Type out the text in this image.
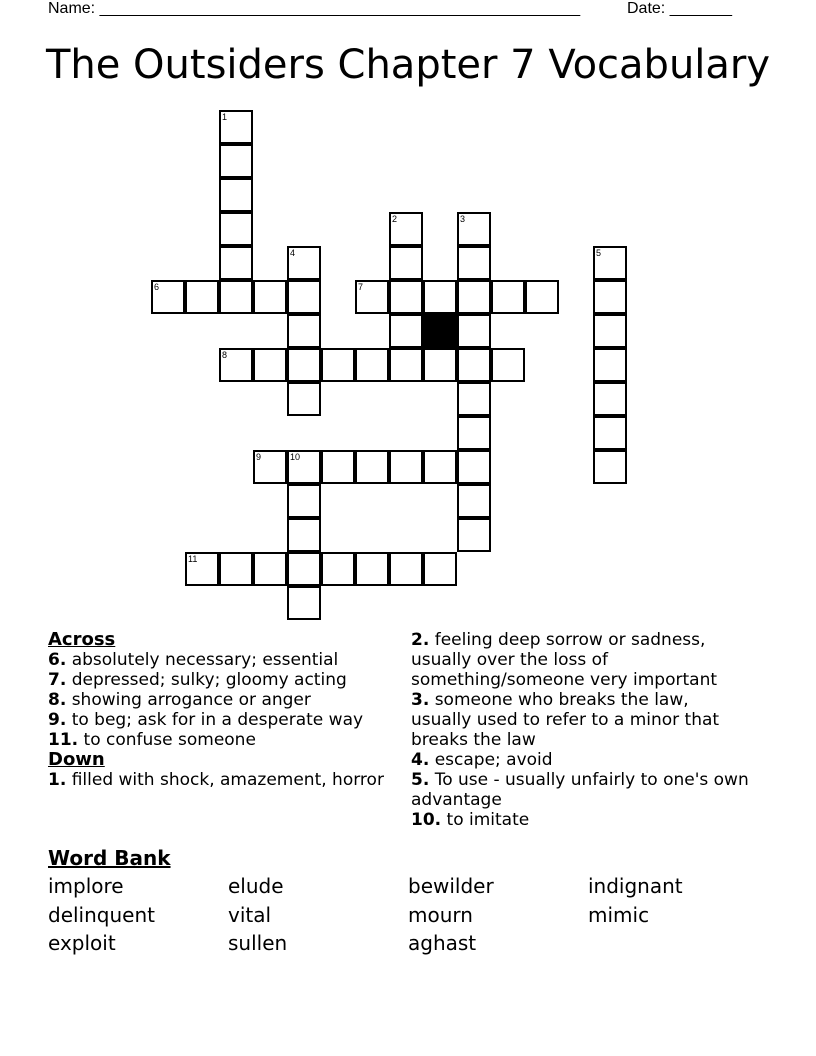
Name: ______________________________________________________	Date: _______
The Outsiders Chapter 7 Vocabulary
1
2	3
4	5
6	7
8
9	10
11
Across
6. absolutely necessary; essential
7. depressed; sulky; gloomy acting
8. showing arrogance or anger
9. to beg; ask for in a desperate way
11. to confuse someone
Down
1. filled with shock, amazement, horror
2. feeling deep sorrow or sadness, usually over the loss of something/someone very important
3. someone who breaks the law, usually used to refer to a minor that breaks the law
4. escape; avoid
5. To use - usually unfairly to one's own advantage
10. to imitate
Word Bank
implore	elude	bewilder	indignant
delinquent	vital	mourn	mimic
exploit	sullen	aghast
